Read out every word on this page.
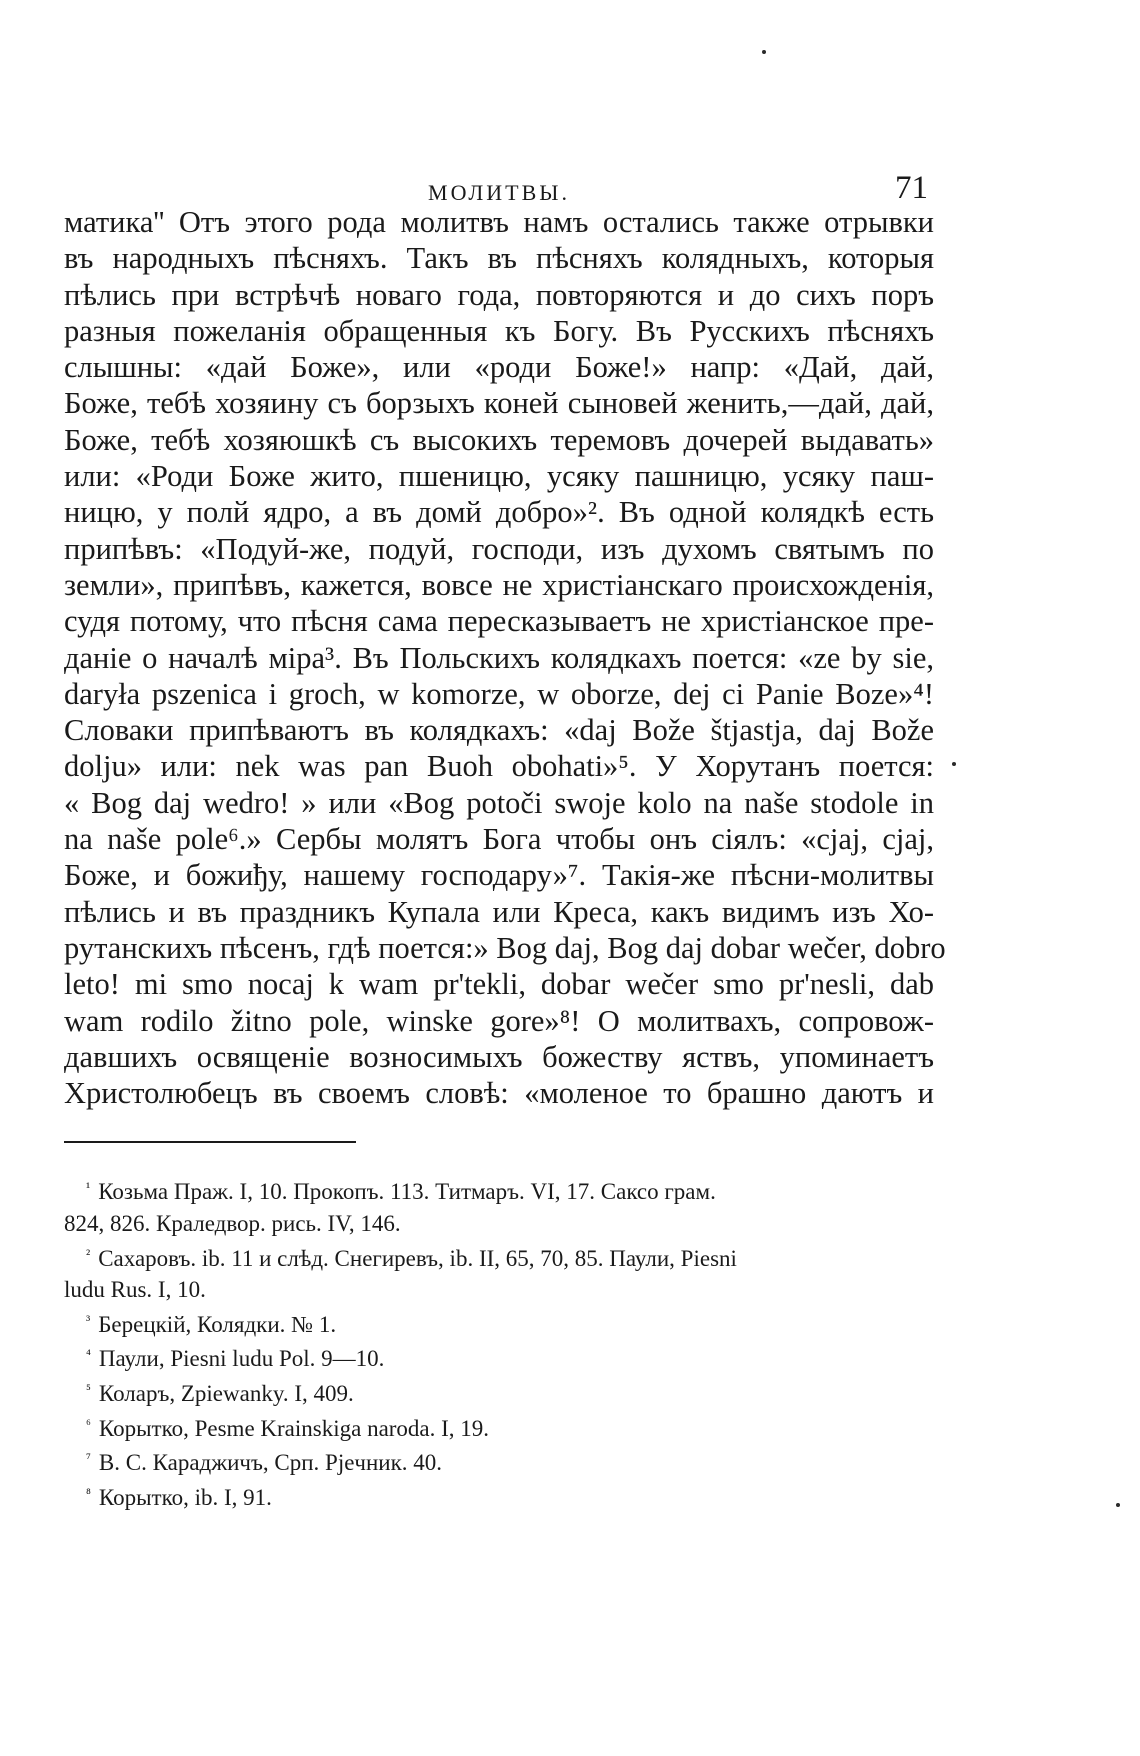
МОЛИТВЫ.	71

матика'' Отъ этого рода молитвъ намъ остались также отрывки
въ народныхъ пѣсняхъ. Такъ въ пѣсняхъ колядныхъ, которыя
пѣлись при встрѣчѣ новаго года, повторяются и до сихъ поръ
разныя пожеланія обращенныя къ Богу. Въ Русскихъ пѣсняхъ
слышны: «дай Боже», или «роди Боже!» напр: «Дай, дай,
Боже, тебѣ хозяину съ борзыхъ коней сыновей женить,—дай, дай,
Боже, тебѣ хозяюшкѣ съ высокихъ теремовъ дочерей выдавать»
или: «Роди Боже жито, пшеницю, усяку пашницю, усяку паш-
ницю, у полй ядро, а въ домй добро»². Въ одной колядкѣ есть
припѣвъ: «Подуй-же, подуй, господи, изъ духомъ святымъ по
земли», припѣвъ, кажется, вовсе не христіанскаго происхожденія,
судя потому, что пѣсня сама пересказываетъ не христіанское пре-
даніе о началѣ міра³. Въ Польскихъ колядкахъ поется: «ze by sie,
daryła pszenica i groch, w komorze, w oborze, dej ci Panie Boze»⁴!
Словаки припѣваютъ въ колядкахъ: «daj Bože štjastja, daj Bože
dolju» или: nek was pan Buoh obohati»⁵. У Хорутанъ поется:
« Bog daj wedro! » или «Bog potoči swoje kolo na naše stodole in
na naše pole⁶.» Сербы молятъ Бога чтобы онъ сіялъ: «сјај, сјај,
Боже, и божиђу, нашему господару»⁷. Такія-же пѣсни-молитвы
пѣлись и въ праздникъ Купала или Креса, какъ видимъ изъ Хо-
рутанскихъ пѣсенъ, гдѣ поется:» Bog daj, Bog daj dobar wečer, dobro
leto! mi smo nocaj k wam pr'tekli, dobar wečer smo pr'nesli, dab
wam rodilo žitno pole, winske gore»⁸! О молитвахъ, сопровож-
давшихъ освященіе возносимыхъ божеству яствъ, упоминаетъ
Христолюбецъ въ своемъ словѣ: «моленое то брашно даютъ и

$^{^1}$ Козьма Праж. I, 10. Прокопъ. 113. Титмаръ. VI, 17. Саксо грам.
824, 826. Краледвор. рись. IV, 146.
$^{^2}$ Сахаровъ. ib. 11 и слѣд. Снегиревъ, ib. II, 65, 70, 85. Паули, Piesni
ludu Rus. I, 10.
$^{^3}$ Берецкій, Колядки. № 1.
$^{^4}$ Паули, Piesni ludu Pol. 9—10.
$^{^5}$ Коларъ, Zpiewanky. I, 409.
$^{^6}$ Корытко, Pesme Krainskiga naroda. I, 19.
$^{^7}$ В. С. Караджичъ, Срп. Pjeчник. 40.
$^{^8}$ Корытко, ib. I, 91.
